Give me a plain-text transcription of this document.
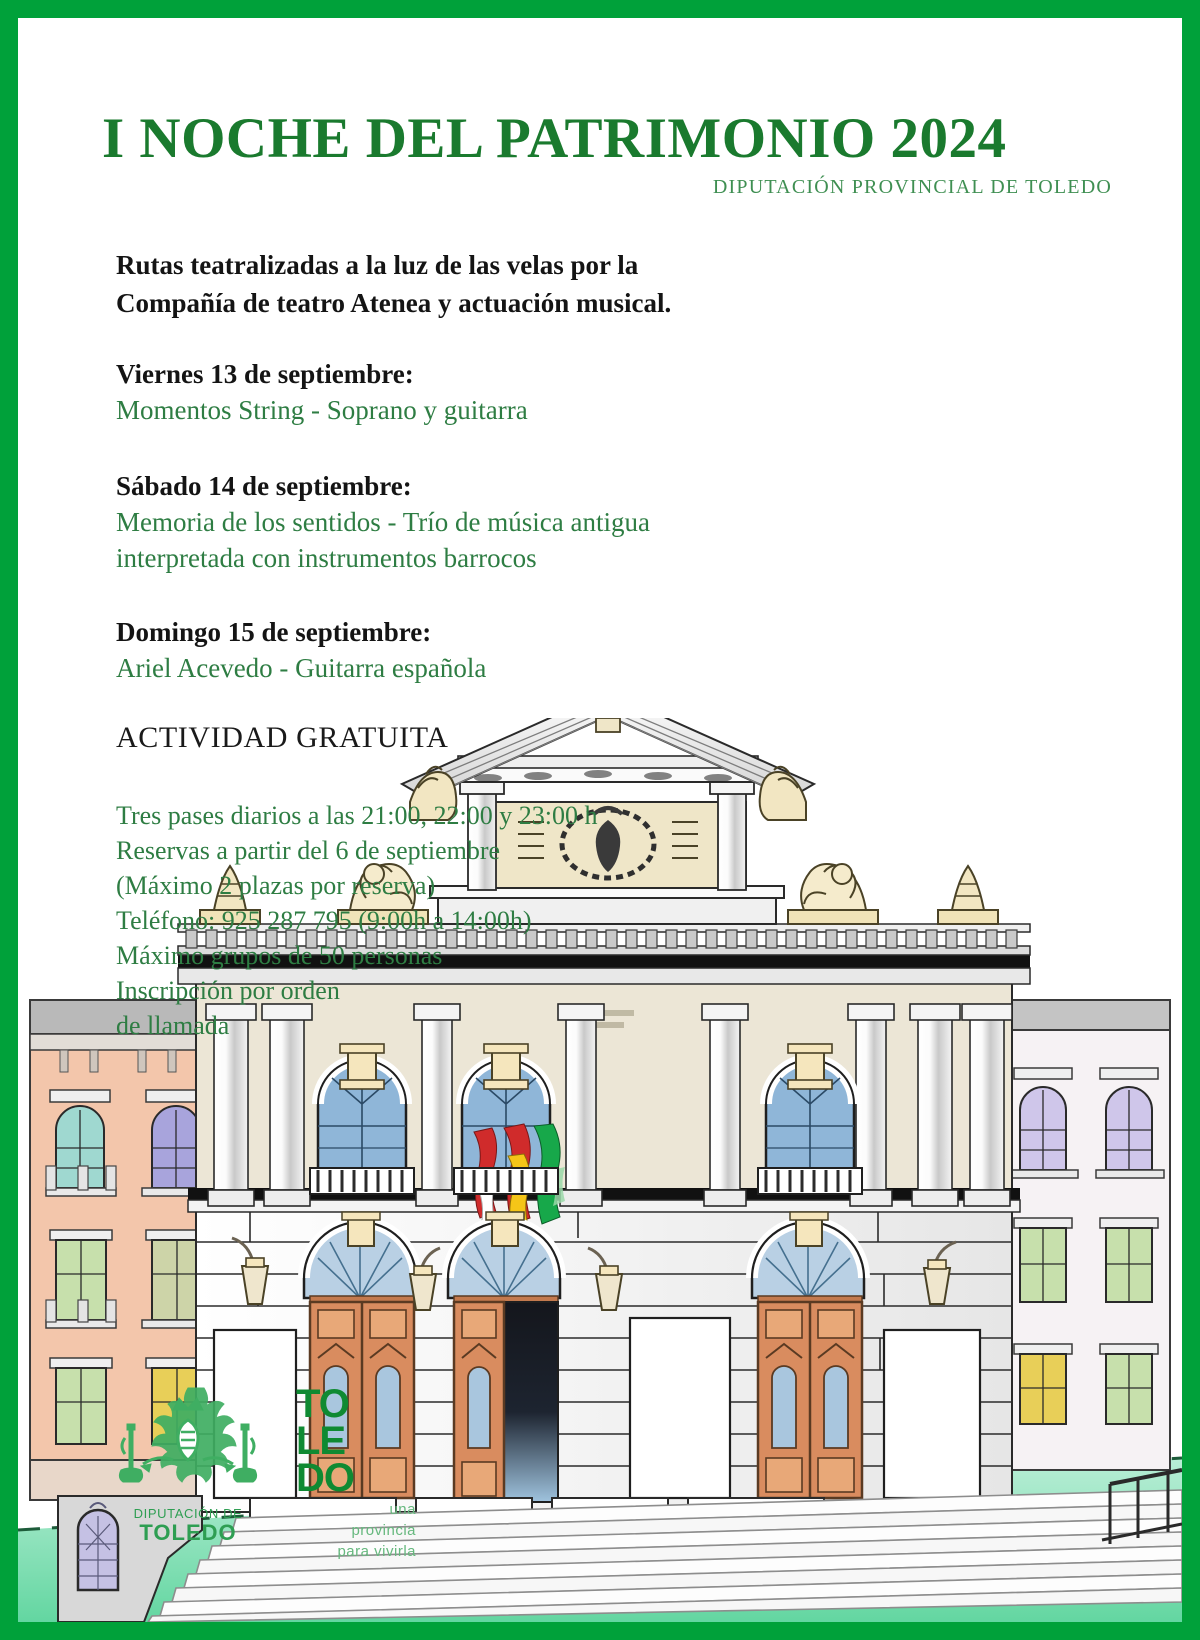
I NOCHE DEL PATRIMONIO 2024
DIPUTACIÓN PROVINCIAL DE TOLEDO
Rutas teatralizadas a la luz de las velas por la
Compañía de teatro Atenea y actuación musical.
Viernes 13 de septiembre:
Momentos String - Soprano y guitarra
Sábado 14 de septiembre:
Memoria de los sentidos - Trío de música antigua
interpretada con instrumentos barrocos
Domingo 15 de septiembre:
Ariel Acevedo - Guitarra española
ACTIVIDAD GRATUITA
Tres pases diarios a las 21:00, 22:00 y 23:00 h
Reservas a partir del 6 de septiembre
(Máximo 2 plazas por reserva)
Teléfono: 925 287 795 (9:00h a 14:00h)
Máximo grupos de 50 personas
Inscripción por orden
de llamada
DIPUTACIÓN DE
TOLEDO
TO
LE
DO
una
provincia
para vivirla
